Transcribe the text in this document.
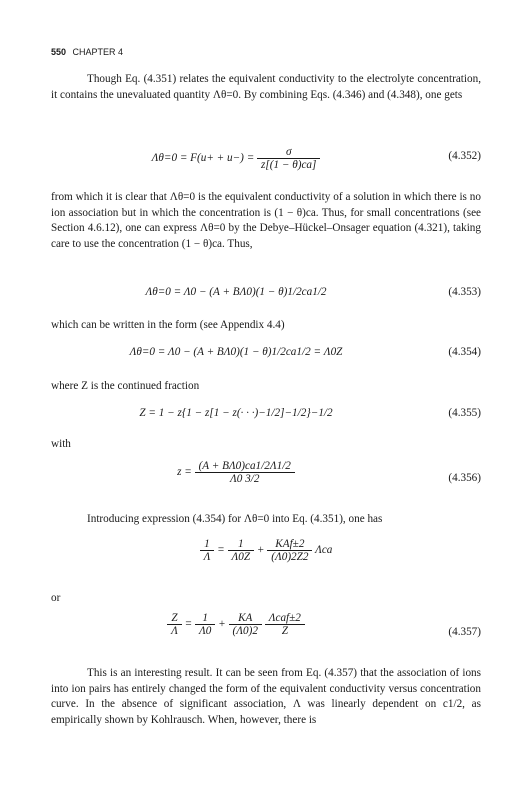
550 CHAPTER 4
Though Eq. (4.351) relates the equivalent conductivity to the electrolyte concentration, it contains the unevaluated quantity Λθ=0. By combining Eqs. (4.346) and (4.348), one gets
$\Lambda\theta=0 = F(u+ + u-) = \frac{\sigma}{z[(1 - \theta)ca]}$	(4.352)
from which it is clear that Λθ=0 is the equivalent conductivity of a solution in which there is no ion association but in which the concentration is (1 − θ)ca. Thus, for small concentrations (see Section 4.6.12), one can express Λθ=0 by the Debye–Hückel–Onsager equation (4.321), taking care to use the concentration (1 − θ)ca. Thus,
Λθ=0 = Λ0 − (A + BΛ0)(1 − θ)1/2ca1/2	(4.353)
which can be written in the form (see Appendix 4.4)
Λθ=0 = Λ0 − (A + BΛ0)(1 − θ)1/2ca1/2 = Λ0Z	(4.354)
where Z is the continued fraction
Z = 1 − z{1 − z[1 − z(· · ·)−1/2]−1/2}−1/2	(4.355)
with
$z = \frac{(A + B\Lambda 0)ca1/2\Lambda 1/2}{\Lambda 0 3/2}$	(4.356)
Introducing expression (4.354) for Λθ=0 into Eq. (4.351), one has
$\frac{1}{\Lambda} = \frac{1}{\Lambda 0Z} + \frac{\text{KAf±2}}{(\Lambda 0)2Z2}$ Λca
or
$\frac{Z}{\Lambda} = \frac{1}{\Lambda 0} + \frac{KA}{(\Lambda 0)2}$
$\frac{\text{Λcaf±2}}{Z}$	(4.357)
This is an interesting result. It can be seen from Eq. (4.357) that the association of ions into ion pairs has entirely changed the form of the equivalent conductivity versus concentration curve. In the absence of significant association, Λ was linearly dependent on c1/2, as empirically shown by Kohlrausch. When, however, there is
